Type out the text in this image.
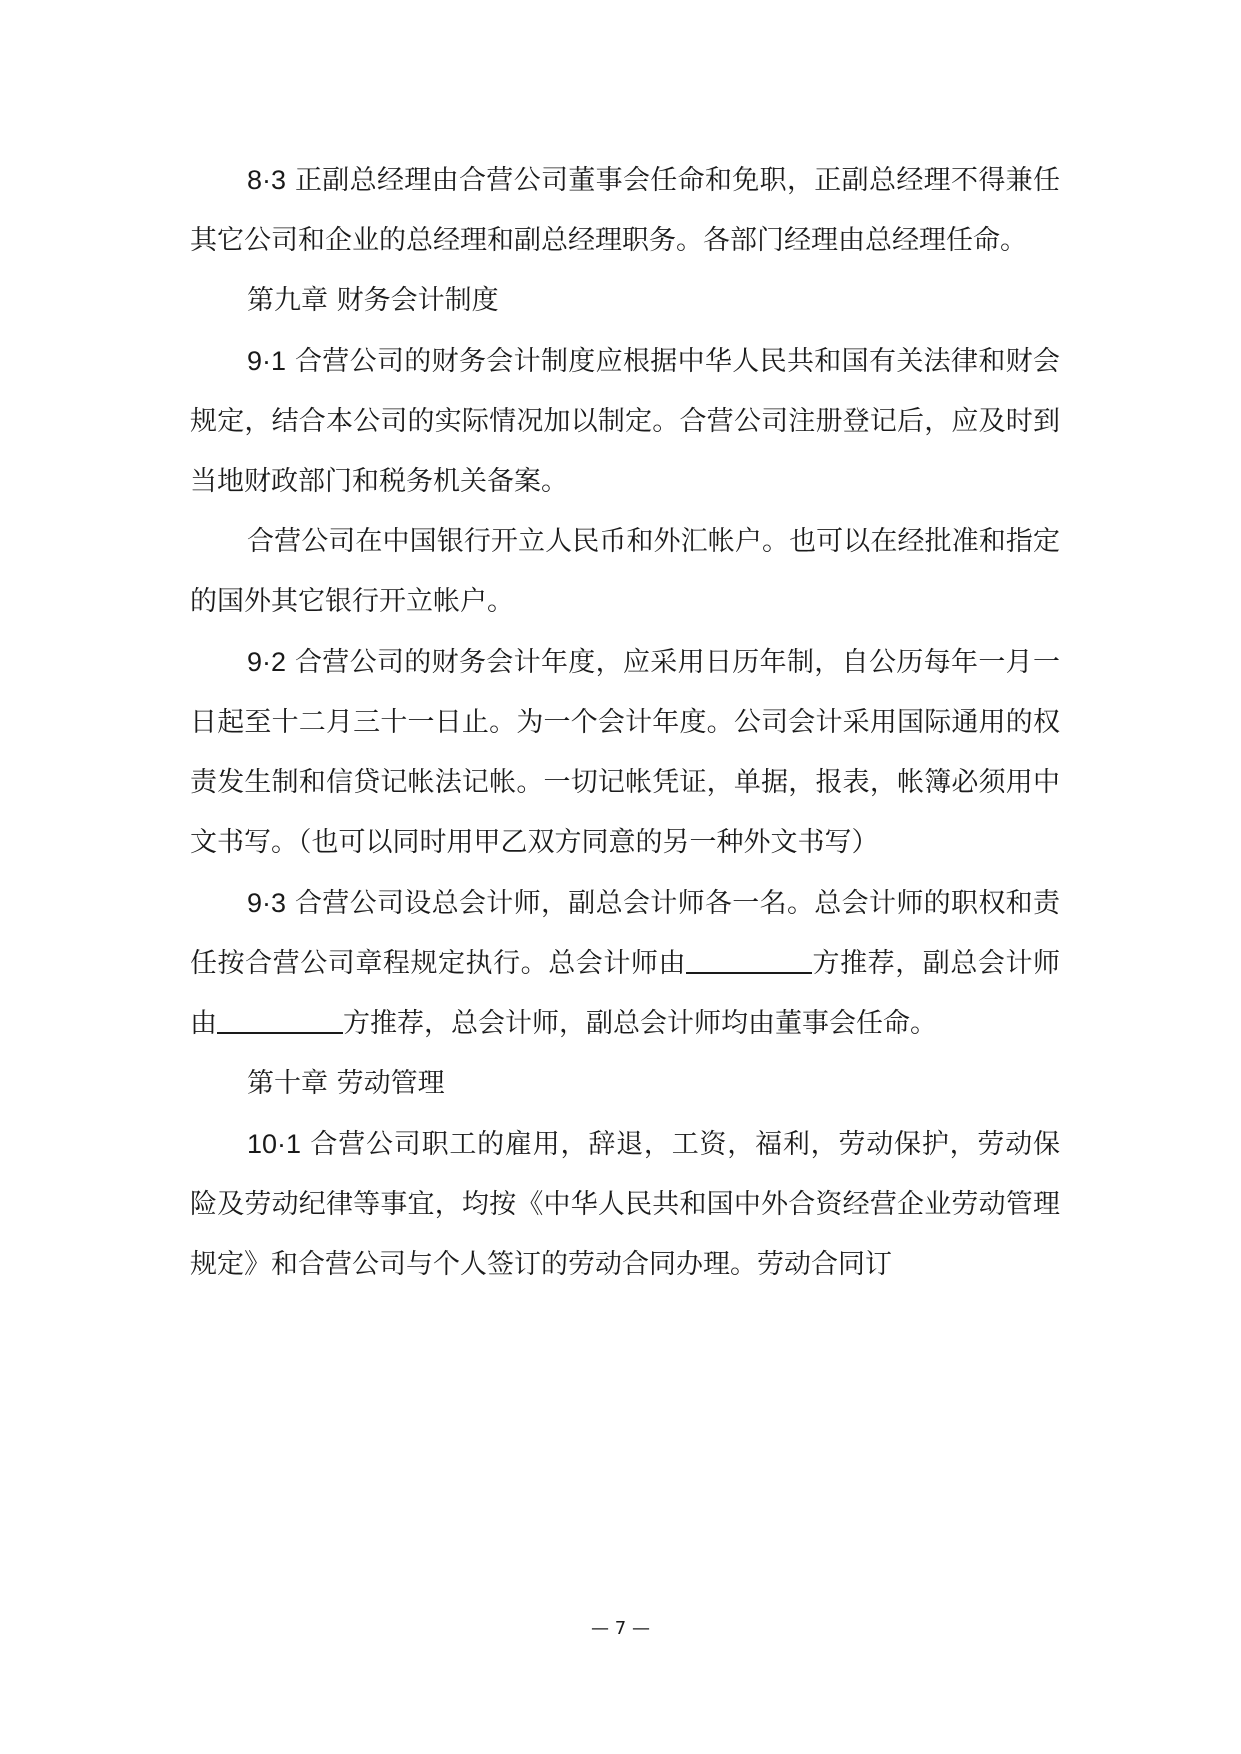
8·3 正副总经理由合营公司董事会任命和免职，正副总经理不得兼任其它公司和企业的总经理和副总经理职务。各部门经理由总经理任命。

第九章 财务会计制度

9·1 合营公司的财务会计制度应根据中华人民共和国有关法律和财会规定，结合本公司的实际情况加以制定。合营公司注册登记后，应及时到当地财政部门和税务机关备案。

合营公司在中国银行开立人民币和外汇帐户。也可以在经批准和指定的国外其它银行开立帐户。

9·2 合营公司的财务会计年度，应采用日历年制，自公历每年一月一日起至十二月三十一日止。为一个会计年度。公司会计采用国际通用的权责发生制和信贷记帐法记帐。一切记帐凭证，单据，报表，帐簿必须用中文书写。（也可以同时用甲乙双方同意的另一种外文书写）

9·3 合营公司设总会计师，副总会计师各一名。总会计师的职权和责任按合营公司章程规定执行。总会计师由	方推荐，副总会计师由	方推荐，总会计师，副总会计师均由董事会任命。

第十章 劳动管理

10·1 合营公司职工的雇用，辞退，工资，福利，劳动保护，劳动保险及劳动纪律等事宜，均按《中华人民共和国中外合资经营企业劳动管理规定》和合营公司与个人签订的劳动合同办理。劳动合同订

— 7 —
